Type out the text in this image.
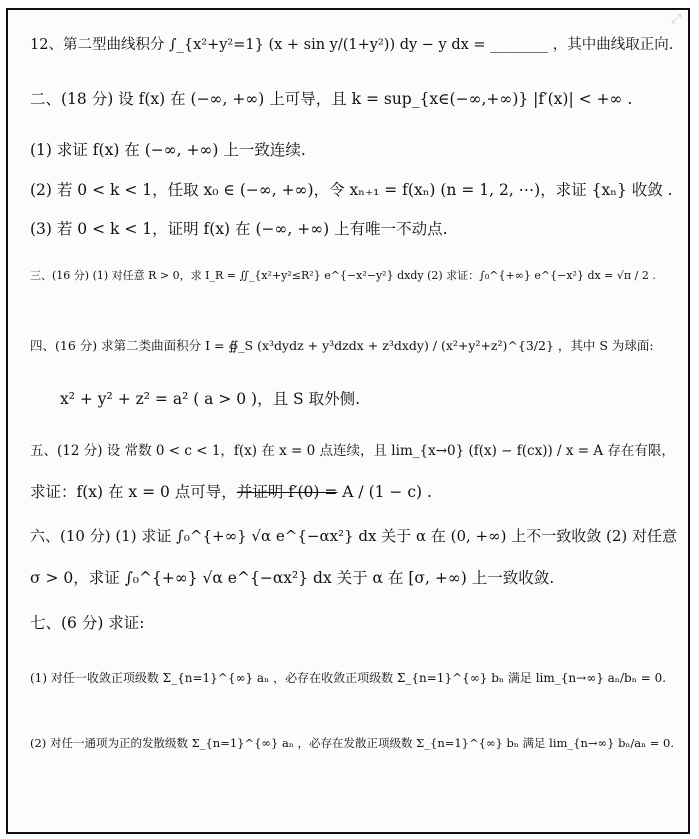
⤢
12、第二型曲线积分 ∫_{x²+y²=1} (x + sin y/(1+y²)) dy − y dx = ________ ，其中曲线取正向.
二、(18 分) 设 f(x) 在 (−∞, +∞) 上可导，且 k = sup_{x∈(−∞,+∞)} |f′(x)| < +∞ .
(1) 求证 f(x) 在 (−∞, +∞) 上一致连续.
(2) 若 0 < k < 1，任取 x₀ ∈ (−∞, +∞)，令 xₙ₊₁ = f(xₙ) (n = 1, 2, ⋯)，求证 {xₙ} 收敛 .
(3) 若 0 < k < 1，证明 f(x) 在 (−∞, +∞) 上有唯一不动点.
三、(16 分) (1) 对任意 R > 0，求 I_R = ∬_{x²+y²≤R²} e^{−x²−y²} dxdy (2) 求证：∫₀^{+∞} e^{−x²} dx = √π / 2 .
四、(16 分) 求第二类曲面积分 I = ∯_S (x³dydz + y³dzdx + z³dxdy) / (x²+y²+z²)^{3/2} ，其中 S 为球面:
x² + y² + z² = a² ( a > 0 )，且 S 取外侧.
五、(12 分) 设 常数 0 < c < 1，f(x) 在 x = 0 点连续，且 lim_{x→0} (f(x) − f(cx)) / x = A 存在有限，
求证：f(x) 在 x = 0 点可导，并证明 f′(0) = A / (1 − c) .
六、(10 分) (1) 求证 ∫₀^{+∞} √α e^{−αx²} dx 关于 α 在 (0, +∞) 上不一致收敛 (2) 对任意
σ > 0，求证 ∫₀^{+∞} √α e^{−αx²} dx 关于 α 在 [σ, +∞) 上一致收敛.
七、(6 分) 求证:
(1) 对任一收敛正项级数 Σ_{n=1}^{∞} aₙ ，必存在收敛正项级数 Σ_{n=1}^{∞} bₙ 满足 lim_{n→∞} aₙ/bₙ = 0.
(2) 对任一通项为正的发散级数 Σ_{n=1}^{∞} aₙ ，必存在发散正项级数 Σ_{n=1}^{∞} bₙ 满足 lim_{n→∞} bₙ/aₙ = 0.
